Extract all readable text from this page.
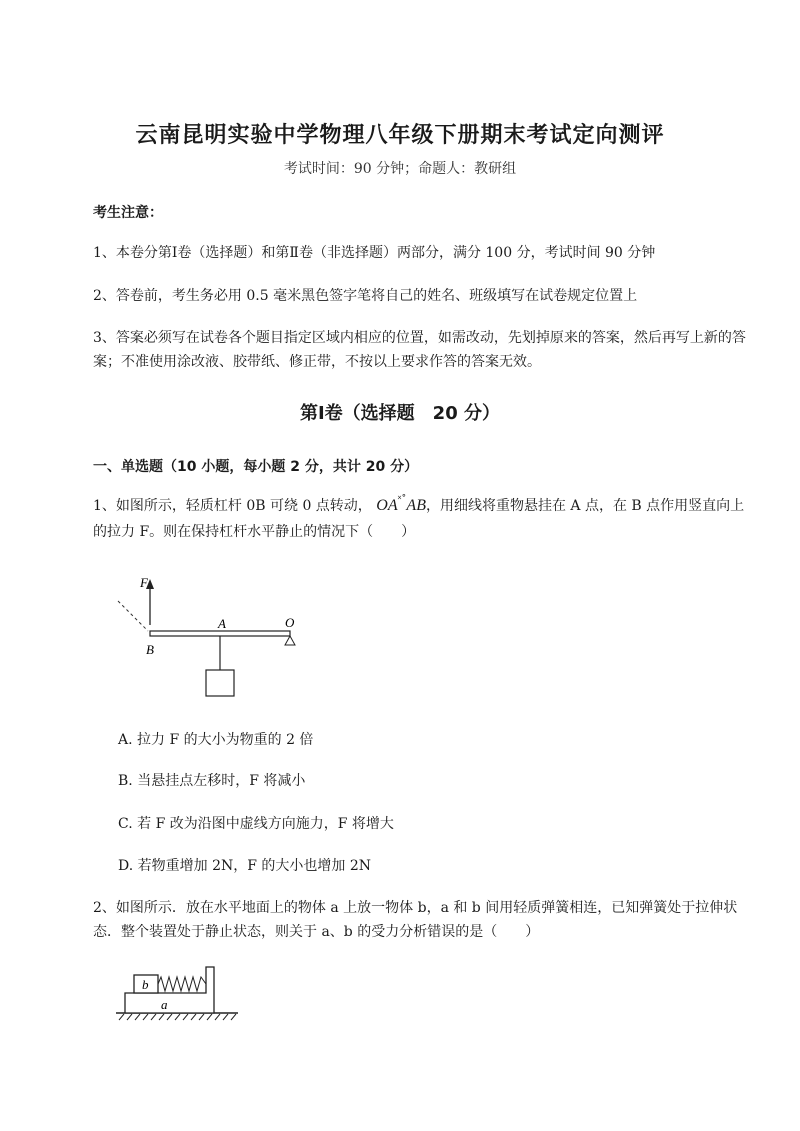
云南昆明实验中学物理八年级下册期末考试定向测评
考试时间：90 分钟；命题人：教研组
考生注意：
1、本卷分第Ⅰ卷（选择题）和第Ⅱ卷（非选择题）两部分，满分 100 分，考试时间 90 分钟
2、答卷前，考生务必用 0.5 毫米黑色签字笔将自己的姓名、班级填写在试卷规定位置上
3、答案必须写在试卷各个题目指定区域内相应的位置，如需改动，先划掉原来的答案，然后再写上新的答案；不准使用涂改液、胶带纸、修正带，不按以上要求作答的答案无效。
第Ⅰ卷（选择题　20 分）
一、单选题（10 小题，每小题 2 分，共计 20 分）
1、如图所示，轻质杠杆 0B 可绕 0 点转动， OA˟˚AB，用细线将重物悬挂在 A 点，在 B 点作用竖直向上的拉力 F。则在保持杠杆水平静止的情况下（　　）
F
A	O
B
A. 拉力 F 的大小为物重的 2 倍
B. 当悬挂点左移时，F 将减小
C. 若 F 改为沿图中虚线方向施力，F 将增大
D. 若物重增加 2N，F 的大小也增加 2N
2、如图所示．放在水平地面上的物体 a 上放一物体 b，a 和 b 间用轻质弹簧相连，已知弹簧处于拉伸状态．整个装置处于静止状态，则关于 a、b 的受力分析错误的是（　　）
a
b
